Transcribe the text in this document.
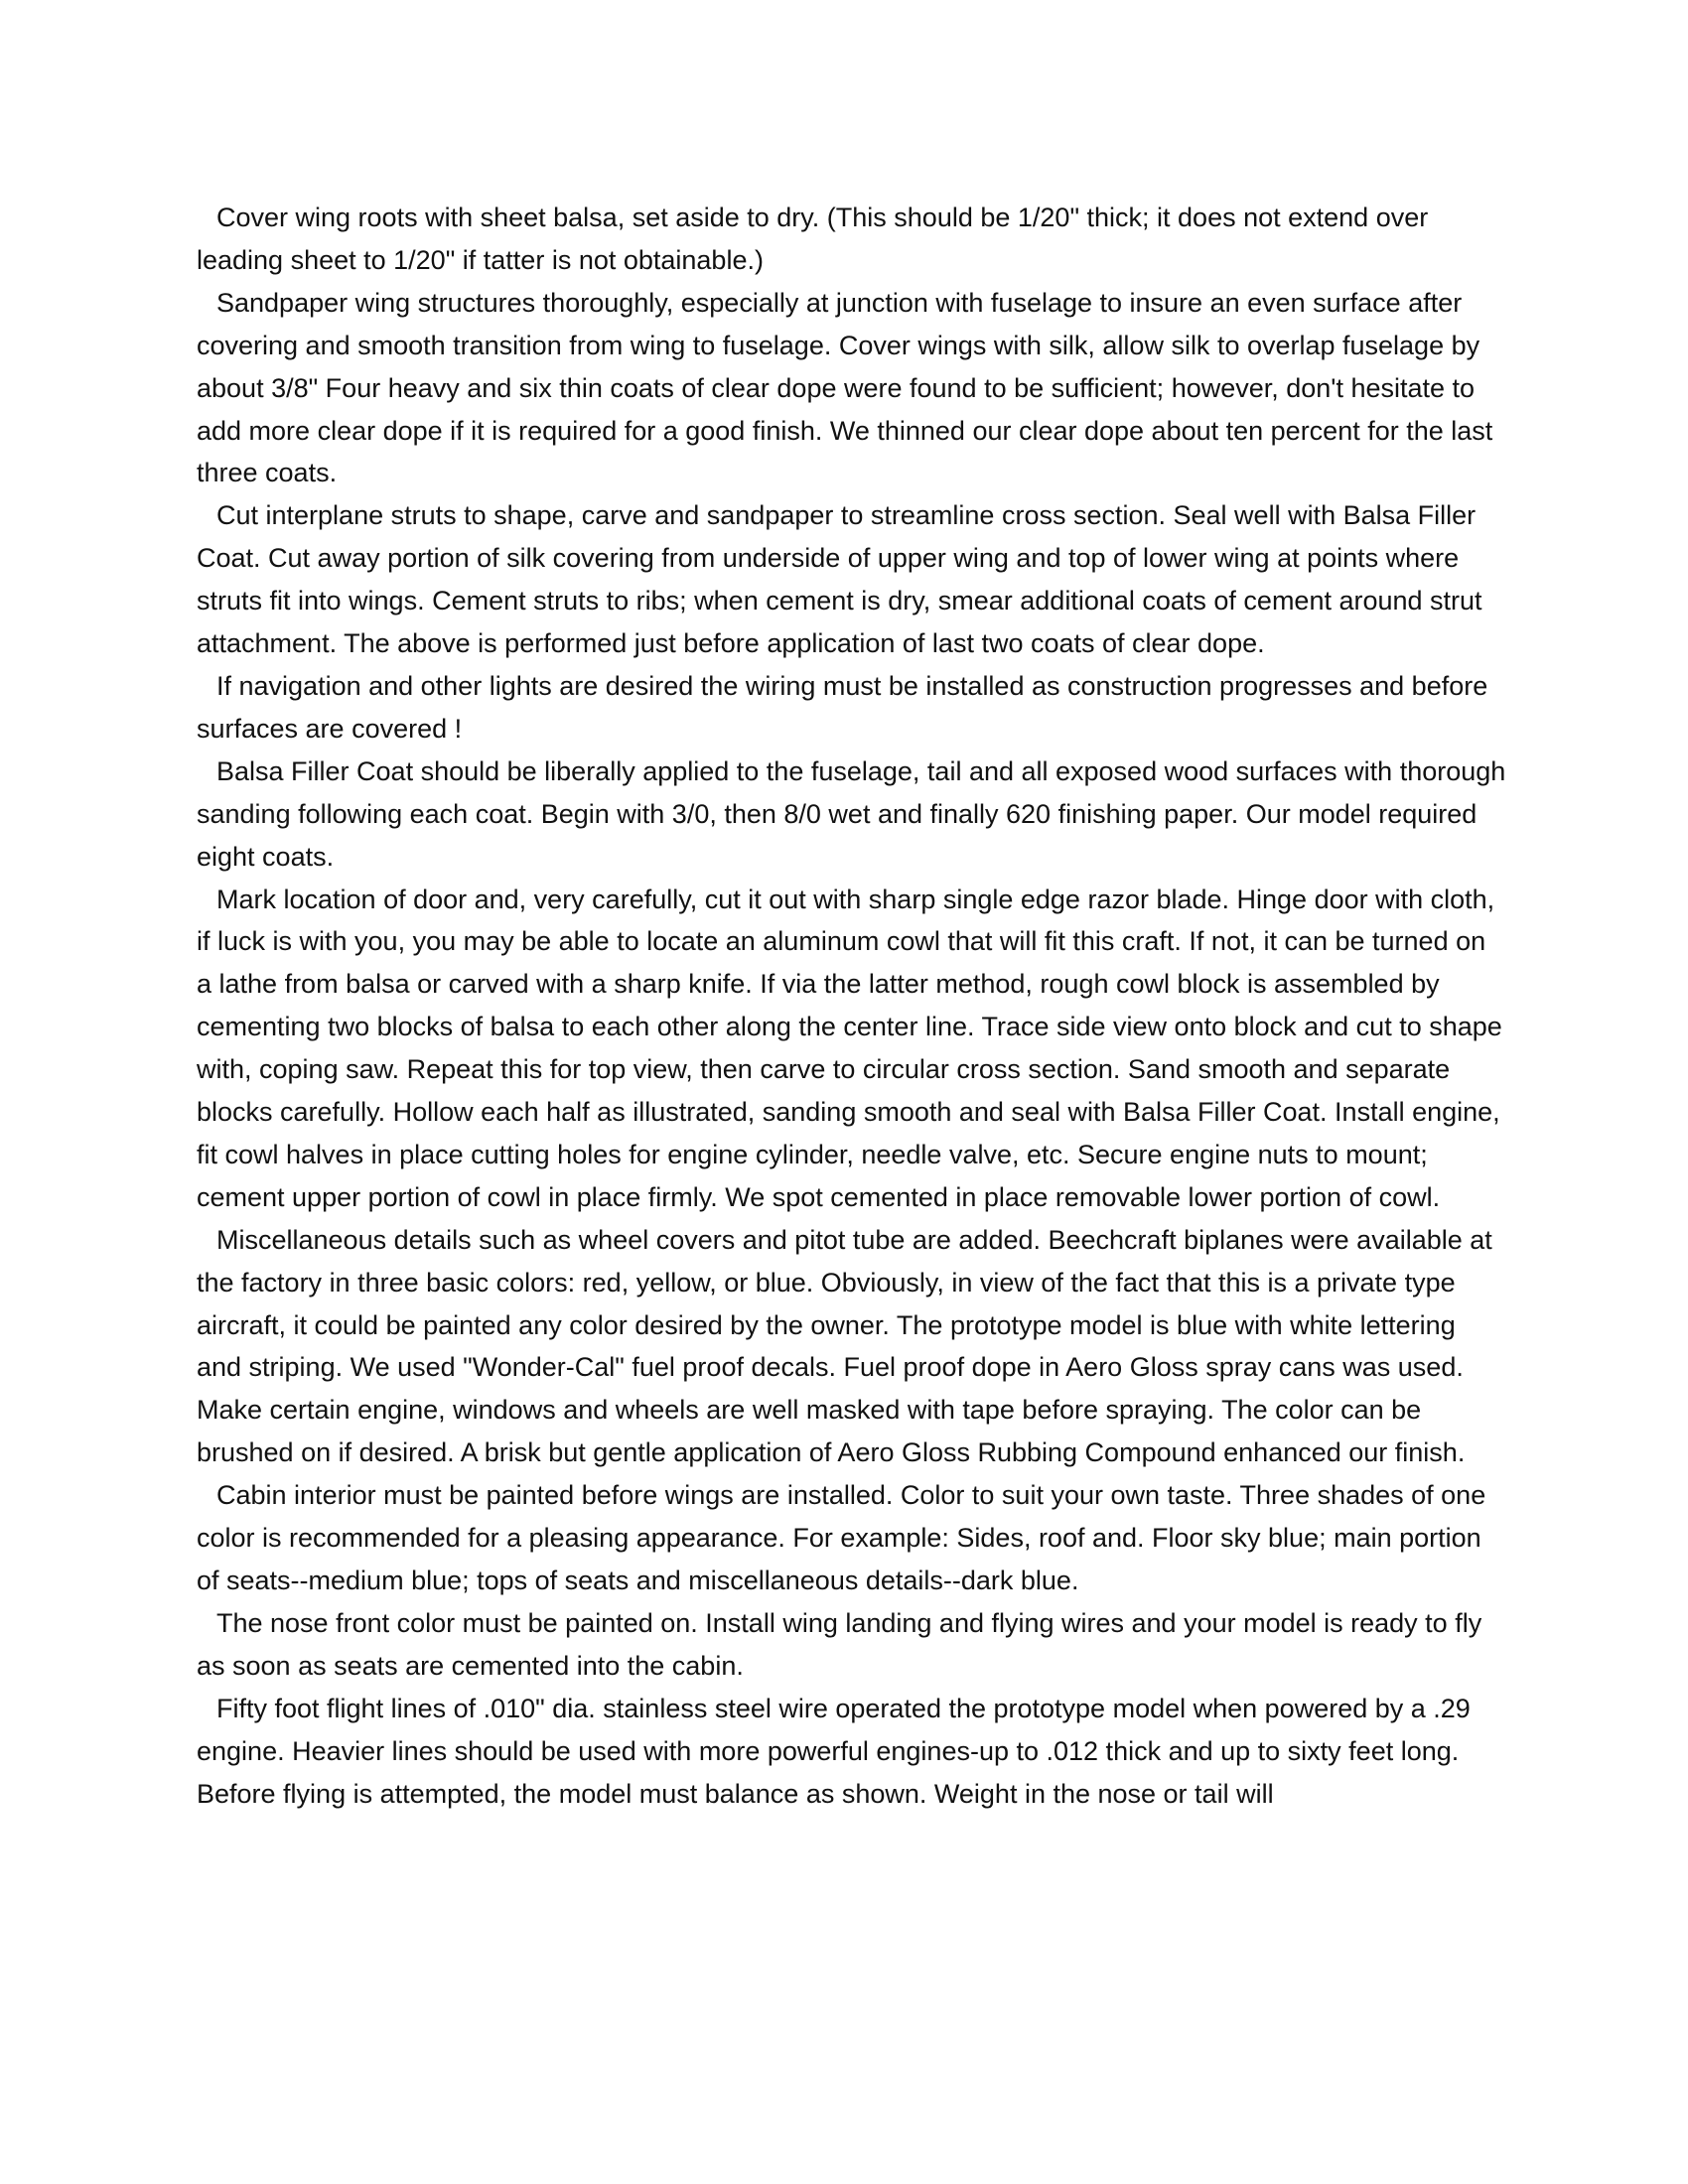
Cover wing roots with sheet balsa, set aside to dry. (This should be 1/20" thick; it does not extend over leading sheet to 1/20" if tatter is not obtainable.)

Sandpaper wing structures thoroughly, especially at junction with fuselage to insure an even surface after covering and smooth transition from wing to fuselage. Cover wings with silk, allow silk to overlap fuselage by about 3/8" Four heavy and six thin coats of clear dope were found to be sufficient; however, don't hesitate to add more clear dope if it is required for a good finish. We thinned our clear dope about ten percent for the last three coats.

Cut interplane struts to shape, carve and sandpaper to streamline cross section. Seal well with Balsa Filler Coat. Cut away portion of silk covering from underside of upper wing and top of lower wing at points where struts fit into wings. Cement struts to ribs; when cement is dry, smear additional coats of cement around strut attachment. The above is performed just before application of last two coats of clear dope.

If navigation and other lights are desired the wiring must be installed as construction progresses and before surfaces are covered !

Balsa Filler Coat should be liberally applied to the fuselage, tail and all exposed wood surfaces with thorough sanding following each coat. Begin with 3/0, then 8/0 wet and finally 620 finishing paper. Our model required eight coats.

Mark location of door and, very carefully, cut it out with sharp single edge razor blade. Hinge door with cloth, if luck is with you, you may be able to locate an aluminum cowl that will fit this craft. If not, it can be turned on a lathe from balsa or carved with a sharp knife. If via the latter method, rough cowl block is assembled by cementing two blocks of balsa to each other along the center line. Trace side view onto block and cut to shape with, coping saw. Repeat this for top view, then carve to circular cross section. Sand smooth and separate blocks carefully. Hollow each half as illustrated, sanding smooth and seal with Balsa Filler Coat. Install engine, fit cowl halves in place cutting holes for engine cylinder, needle valve, etc. Secure engine nuts to mount; cement upper portion of cowl in place firmly. We spot cemented in place removable lower portion of cowl.

Miscellaneous details such as wheel covers and pitot tube are added. Beechcraft biplanes were available at the factory in three basic colors: red, yellow, or blue. Obviously, in view of the fact that this is a private type aircraft, it could be painted any color desired by the owner. The prototype model is blue with white lettering and striping. We used "Wonder-Cal" fuel proof decals. Fuel proof dope in Aero Gloss spray cans was used. Make certain engine, windows and wheels are well masked with tape before spraying. The color can be brushed on if desired. A brisk but gentle application of Aero Gloss Rubbing Compound enhanced our finish.

Cabin interior must be painted before wings are installed. Color to suit your own taste. Three shades of one color is recommended for a pleasing appearance. For example: Sides, roof and. Floor sky blue; main portion of seats--medium blue; tops of seats and miscellaneous details--dark blue.

The nose front color must be painted on. Install wing landing and flying wires and your model is ready to fly as soon as seats are cemented into the cabin.

Fifty foot flight lines of .010" dia. stainless steel wire operated the prototype model when powered by a .29 engine. Heavier lines should be used with more powerful engines-up to .012 thick and up to sixty feet long. Before flying is attempted, the model must balance as shown. Weight in the nose or tail will
